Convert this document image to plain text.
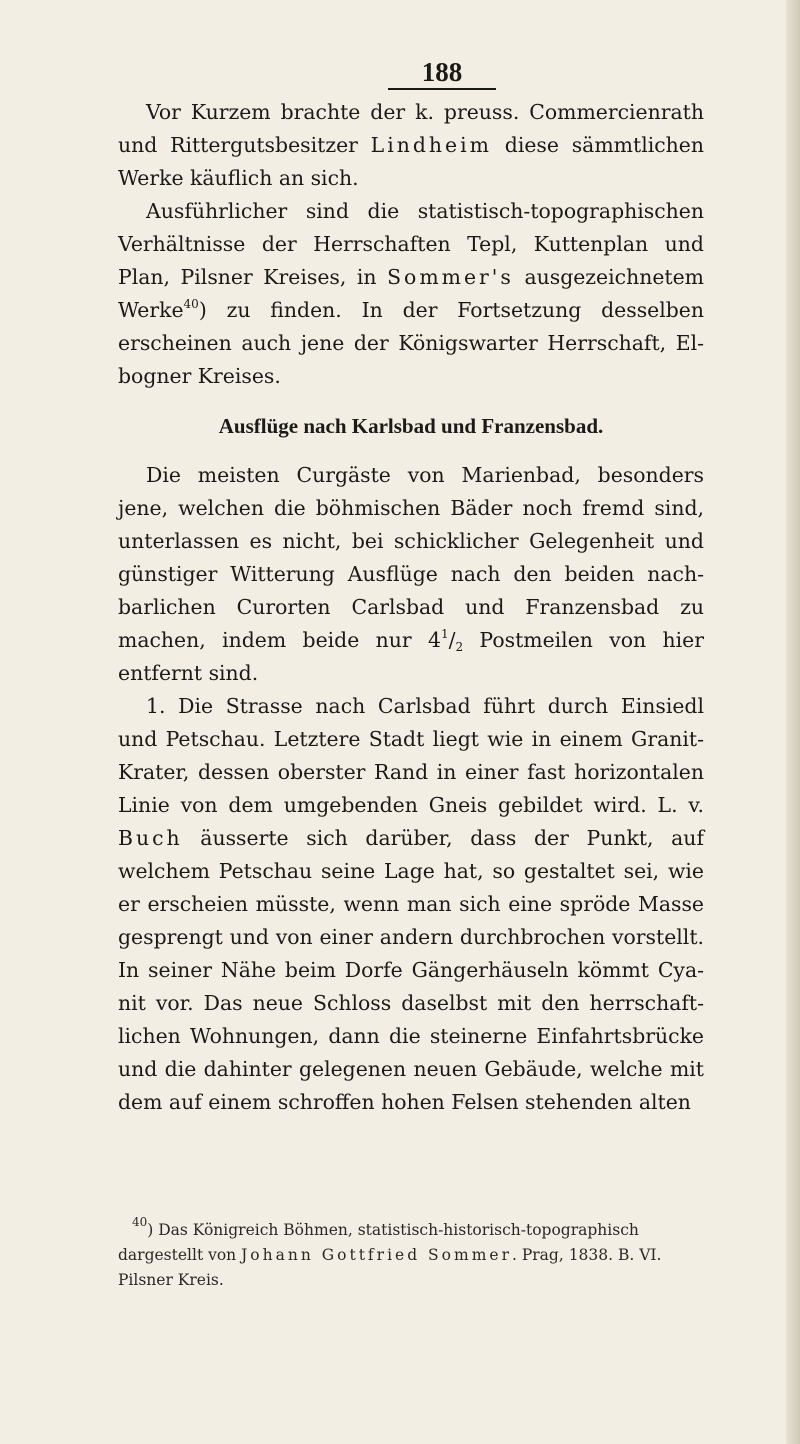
188

Vor Kurzem brachte der k. preuss. Commercienrath und Rittergutsbesitzer Lindheim diese sämmtlichen Werke käuflich an sich.

Ausführlicher sind die statistisch-topographischen Verhältnisse der Herrschaften Tepl, Kuttenplan und Plan, Pilsner Kreises, in Sommer's ausgezeichnetem Werke$^{40}$) zu finden. In der Fortsetzung desselben erscheinen auch jene der Königswarter Herrschaft, Elbogner Kreises.

Ausflüge nach Karlsbad und Franzensbad.

Die meisten Curgäste von Marienbad, besonders jene, welchen die böhmischen Bäder noch fremd sind, unterlassen es nicht, bei schicklicher Gelegenheit und günstiger Witterung Ausflüge nach den beiden nachbarlichen Curorten Carlsbad und Franzensbad zu machen, indem beide nur $4^1/_2$ Postmeilen von hier entfernt sind.

1. Die Strasse nach Carlsbad führt durch Einsiedl und Petschau. Letztere Stadt liegt wie in einem GranitKrater, dessen oberster Rand in einer fast horizontalen Linie von dem umgebenden Gneis gebildet wird. L. v. Buch äusserte sich darüber, dass der Punkt, auf welchem Petschau seine Lage hat, so gestaltet sei, wie er erscheien müsste, wenn man sich eine spröde Masse gesprengt und von einer andern durchbrochen vorstellt. In seiner Nähe beim Dorfe Gängerhäuseln kömmt Cyanit vor. Das neue Schloss daselbst mit den herrschaftlichen Wohnungen, dann die steinerne Einfahrtsbrücke und die dahinter gelegenen neuen Gebäude, welche mit dem auf einem schroffen hohen Felsen stehenden alten

$^{40}$) Das Königreich Böhmen, statistisch-historisch-topographisch dargestellt von Johann Gottfried Sommer. Prag, 1838. B. VI. Pilsner Kreis.
